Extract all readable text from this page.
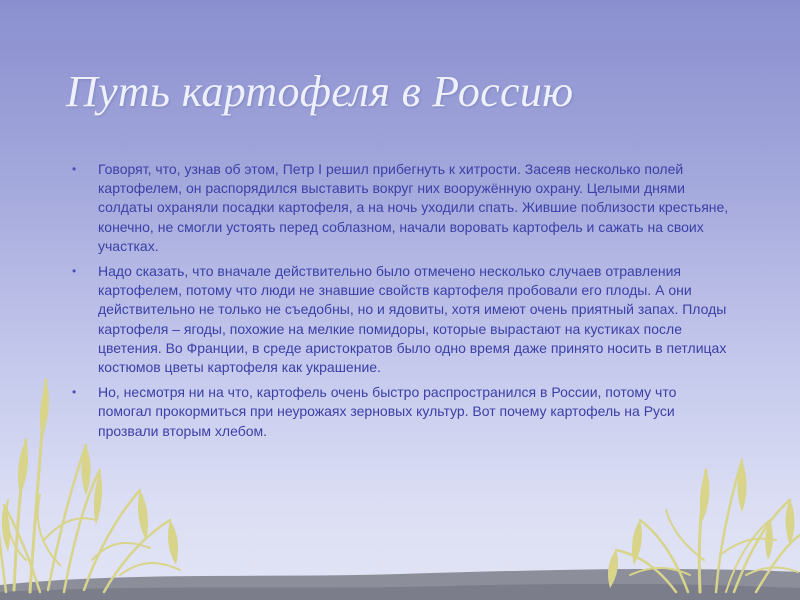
Путь картофеля в Россию
• Говорят, что, узнав об этом, Петр I решил прибегнуть к хитрости. Засеяв несколько полей картофелем, он распорядился выставить вокруг них вооружённую охрану. Целыми днями солдаты охраняли посадки картофеля, а на ночь уходили спать. Жившие поблизости крестьяне, конечно, не смогли устоять перед соблазном, начали воровать картофель и сажать на своих участках.
• Надо сказать, что вначале действительно было отмечено несколько случаев отравления картофелем, потому что люди не знавшие свойств картофеля пробовали его плоды. А они действительно не только не съедобны, но и ядовиты, хотя имеют очень приятный запах. Плоды картофеля – ягоды, похожие на мелкие помидоры, которые вырастают на кустиках после цветения. Во Франции, в среде аристократов было одно время даже принято носить в петлицах костюмов цветы картофеля как украшение.
• Но, несмотря ни на что, картофель очень быстро распространился в России, потому что помогал прокормиться при неурожаях зерновых культур. Вот почему картофель на Руси прозвали вторым хлебом.
